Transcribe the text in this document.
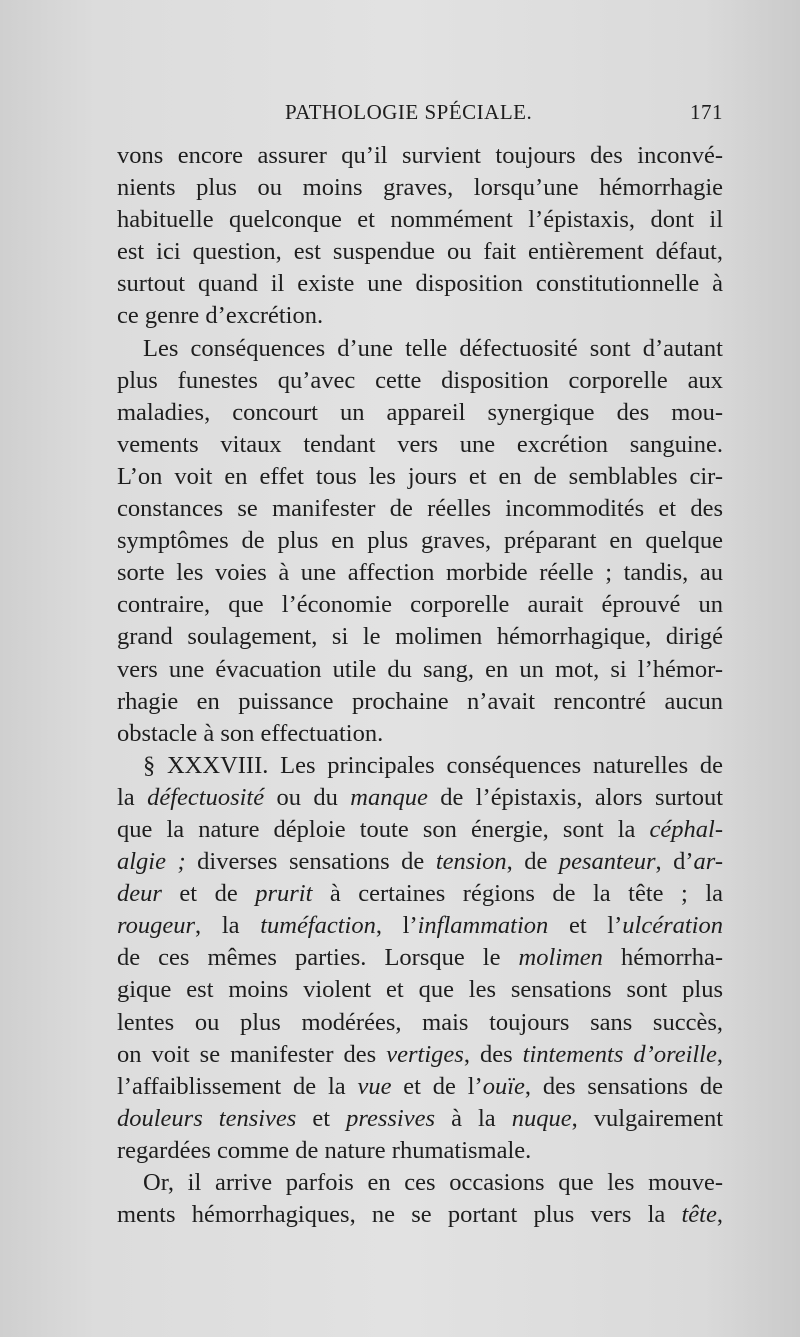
PATHOLOGIE SPÉCIALE.	171
vons encore assurer qu’il survient toujours des inconvé-
nients plus ou moins graves, lorsqu’une hémorrhagie
habituelle quelconque et nommément l’épistaxis, dont il
est ici question, est suspendue ou fait entièrement défaut,
surtout quand il existe une disposition constitutionnelle à
ce genre d’excrétion.
Les conséquences d’une telle défectuosité sont d’autant
plus funestes qu’avec cette disposition corporelle aux
maladies, concourt un appareil synergique des mou-
vements vitaux tendant vers une excrétion sanguine.
L’on voit en effet tous les jours et en de semblables cir-
constances se manifester de réelles incommodités et des
symptômes de plus en plus graves, préparant en quelque
sorte les voies à une affection morbide réelle ; tandis, au
contraire, que l’économie corporelle aurait éprouvé un
grand soulagement, si le molimen hémorrhagique, dirigé
vers une évacuation utile du sang, en un mot, si l’hémor-
rhagie en puissance prochaine n’avait rencontré aucun
obstacle à son effectuation.
§ XXXVIII. Les principales conséquences naturelles de
la défectuosité ou du manque de l’épistaxis, alors surtout
que la nature déploie toute son énergie, sont la céphal-
algie ; diverses sensations de tension, de pesanteur, d’ar-
deur et de prurit à certaines régions de la tête ; la
rougeur, la tuméfaction, l’inflammation et l’ulcération
de ces mêmes parties. Lorsque le molimen hémorrha-
gique est moins violent et que les sensations sont plus
lentes ou plus modérées, mais toujours sans succès,
on voit se manifester des vertiges, des tintements d’oreille,
l’affaiblissement de la vue et de l’ouïe, des sensations de
douleurs tensives et pressives à la nuque, vulgairement
regardées comme de nature rhumatismale.
Or, il arrive parfois en ces occasions que les mouve-
ments hémorrhagiques, ne se portant plus vers la tête,
